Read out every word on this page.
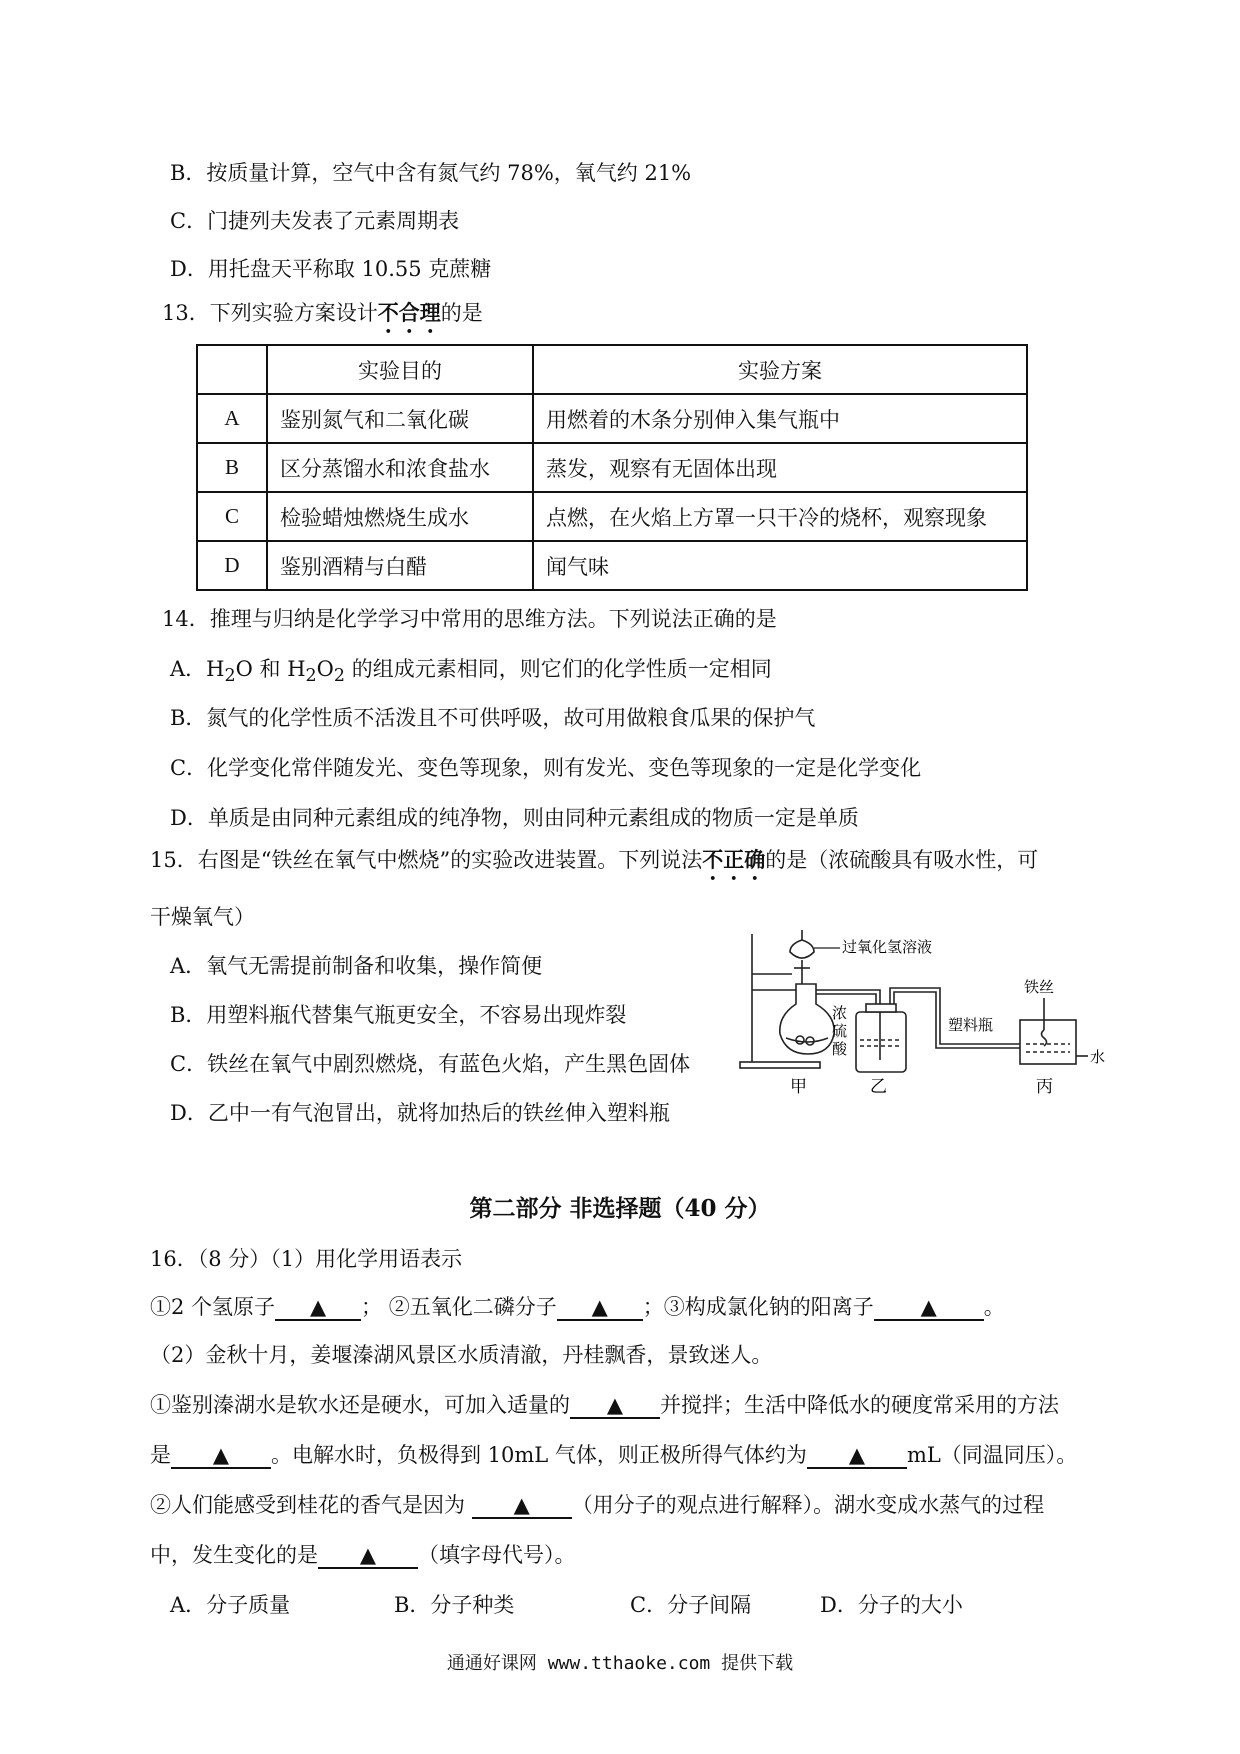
B．按质量计算，空气中含有氮气约 78%，氧气约 21%
C．门捷列夫发表了元素周期表
D．用托盘天平称取 10.55 克蔗糖
13．下列实验方案设计不合理的是
	实验目的	实验方案
A	鉴别氮气和二氧化碳	用燃着的木条分别伸入集气瓶中
B	区分蒸馏水和浓食盐水	蒸发，观察有无固体出现
C	检验蜡烛燃烧生成水	点燃，在火焰上方罩一只干冷的烧杯，观察现象
D	鉴别酒精与白醋	闻气味
14．推理与归纳是化学学习中常用的思维方法。下列说法正确的是
A．$H_2O$ 和 $H_2O_2$ 的组成元素相同，则它们的化学性质一定相同
B．氮气的化学性质不活泼且不可供呼吸，故可用做粮食瓜果的保护气
C．化学变化常伴随发光、变色等现象，则有发光、变色等现象的一定是化学变化
D．单质是由同种元素组成的纯净物，则由同种元素组成的物质一定是单质
15．右图是“铁丝在氧气中燃烧”的实验改进装置。下列说法不正确的是（浓硫酸具有吸水性，可
干燥氧气）
A．氧气无需提前制备和收集，操作简便
B．用塑料瓶代替集气瓶更安全，不容易出现炸裂
C．铁丝在氧气中剧烈燃烧，有蓝色火焰，产生黑色固体
D．乙中一有气泡冒出，就将加热后的铁丝伸入塑料瓶
过氧化氢溶液
浓
硫
酸
铁丝
塑料瓶
水
甲	乙	丙
第二部分 非选择题（40 分）
16．（8 分）（1）用化学用语表示
①2 个氢原子 ▲ ； ②五氧化二磷分子 ▲ ；③构成氯化钠的阳离子 ▲ 。
（2）金秋十月，姜堰溱湖风景区水质清澈，丹桂飘香，景致迷人。
①鉴别溱湖水是软水还是硬水，可加入适量的 ▲ 并搅拌；生活中降低水的硬度常采用的方法
是 ▲ 。电解水时，负极得到 10mL 气体，则正极所得气体约为 ▲ mL（同温同压）。
②人们能感受到桂花的香气是因为 ▲ （用分子的观点进行解释）。湖水变成水蒸气的过程
中，发生变化的是 ▲ （填字母代号）。
A．分子质量	B．分子种类	C．分子间隔	D．分子的大小
通通好课网 www.tthaoke.com 提供下载
